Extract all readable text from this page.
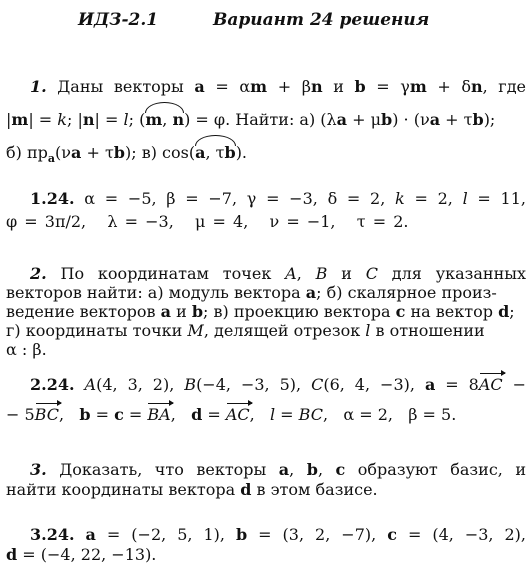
ИДЗ-2.1	Вариант 24 решения
1. Даны векторы a = αm + βn и b = γm + δn, где
|m| = k; |n| = l; (m, n) = φ. Найти: а) (λa + μb) · (νa + τb);
б) $пр_a(\nu a + \tau b)$; в) cos(a, τb).
1.24. α = −5, β = −7, γ = −3, δ = 2, k = 2, l = 11,
φ = 3π/2,   λ = −3,   μ = 4,   ν = −1,   τ = 2.
2. По координатам точек A, B и C для указанных
векторов найти: а) модуль вектора a; б) скалярное произ-
ведение векторов a и b; в) проекцию вектора c на вектор d;
г) координаты точки M, делящей отрезок l в отношении
α : β.
2.24. A(4, 3, 2), B(−4, −3, 5), C(6, 4, −3), a = 8AC −
− 5BC,   b = c = BA,   d = AC,   l = BC,   α = 2,   β = 5.
3. Доказать, что векторы a, b, c образуют базис, и
найти координаты вектора d в этом базисе.
3.24. a = (−2, 5, 1), b = (3, 2, −7), c = (4, −3, 2),
d = (−4, 22, −13).
